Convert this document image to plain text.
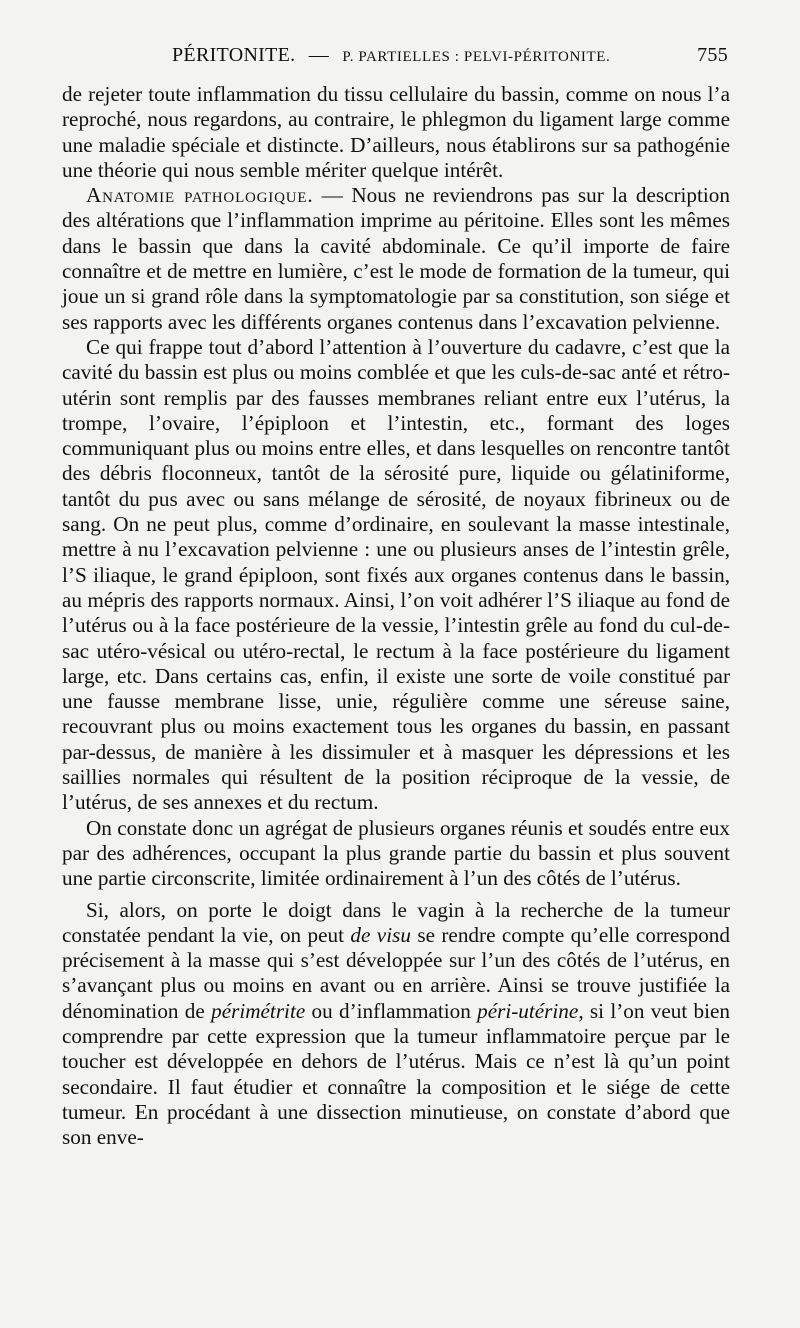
PÉRITONITE. — P. PARTIELLES : PELVI-PÉRITONITE.	755

de rejeter toute inflammation du tissu cellulaire du bassin, comme on nous l’a reproché, nous regardons, au contraire, le phlegmon du ligament large comme une maladie spéciale et distincte. D’ailleurs, nous établirons sur sa pathogénie une théorie qui nous semble mériter quelque intérêt.

Anatomie pathologique. — Nous ne reviendrons pas sur la description des altérations que l’inflammation imprime au péritoine. Elles sont les mêmes dans le bassin que dans la cavité abdominale. Ce qu’il importe de faire connaître et de mettre en lumière, c’est le mode de formation de la tumeur, qui joue un si grand rôle dans la symptomatologie par sa constitution, son siége et ses rapports avec les différents organes contenus dans l’excavation pelvienne.

Ce qui frappe tout d’abord l’attention à l’ouverture du cadavre, c’est que la cavité du bassin est plus ou moins comblée et que les culs-de-sac anté et rétro-utérin sont remplis par des fausses membranes reliant entre eux l’utérus, la trompe, l’ovaire, l’épiploon et l’intestin, etc., formant des loges communiquant plus ou moins entre elles, et dans lesquelles on rencontre tantôt des débris floconneux, tantôt de la sérosité pure, liquide ou gélatiniforme, tantôt du pus avec ou sans mélange de sérosité, de noyaux fibrineux ou de sang. On ne peut plus, comme d’ordinaire, en soulevant la masse intestinale, mettre à nu l’excavation pelvienne : une ou plusieurs anses de l’intestin grêle, l’S iliaque, le grand épiploon, sont fixés aux organes contenus dans le bassin, au mépris des rapports normaux. Ainsi, l’on voit adhérer l’S iliaque au fond de l’utérus ou à la face postérieure de la vessie, l’intestin grêle au fond du cul-de-sac utéro-vésical ou utéro-rectal, le rectum à la face postérieure du ligament large, etc. Dans certains cas, enfin, il existe une sorte de voile constitué par une fausse membrane lisse, unie, régulière comme une séreuse saine, recouvrant plus ou moins exactement tous les organes du bassin, en passant par-dessus, de manière à les dissimuler et à masquer les dépressions et les saillies normales qui résultent de la position réciproque de la vessie, de l’utérus, de ses annexes et du rectum.

On constate donc un agrégat de plusieurs organes réunis et soudés entre eux par des adhérences, occupant la plus grande partie du bassin et plus souvent une partie circonscrite, limitée ordinairement à l’un des côtés de l’utérus.

Si, alors, on porte le doigt dans le vagin à la recherche de la tumeur constatée pendant la vie, on peut de visu se rendre compte qu’elle correspond précisement à la masse qui s’est développée sur l’un des côtés de l’utérus, en s’avançant plus ou moins en avant ou en arrière. Ainsi se trouve justifiée la dénomination de périmétrite ou d’inflammation péri-utérine, si l’on veut bien comprendre par cette expression que la tumeur inflammatoire perçue par le toucher est développée en dehors de l’utérus. Mais ce n’est là qu’un point secondaire. Il faut étudier et connaître la composition et le siége de cette tumeur. En procédant à une dissection minutieuse, on constate d’abord que son enve-
